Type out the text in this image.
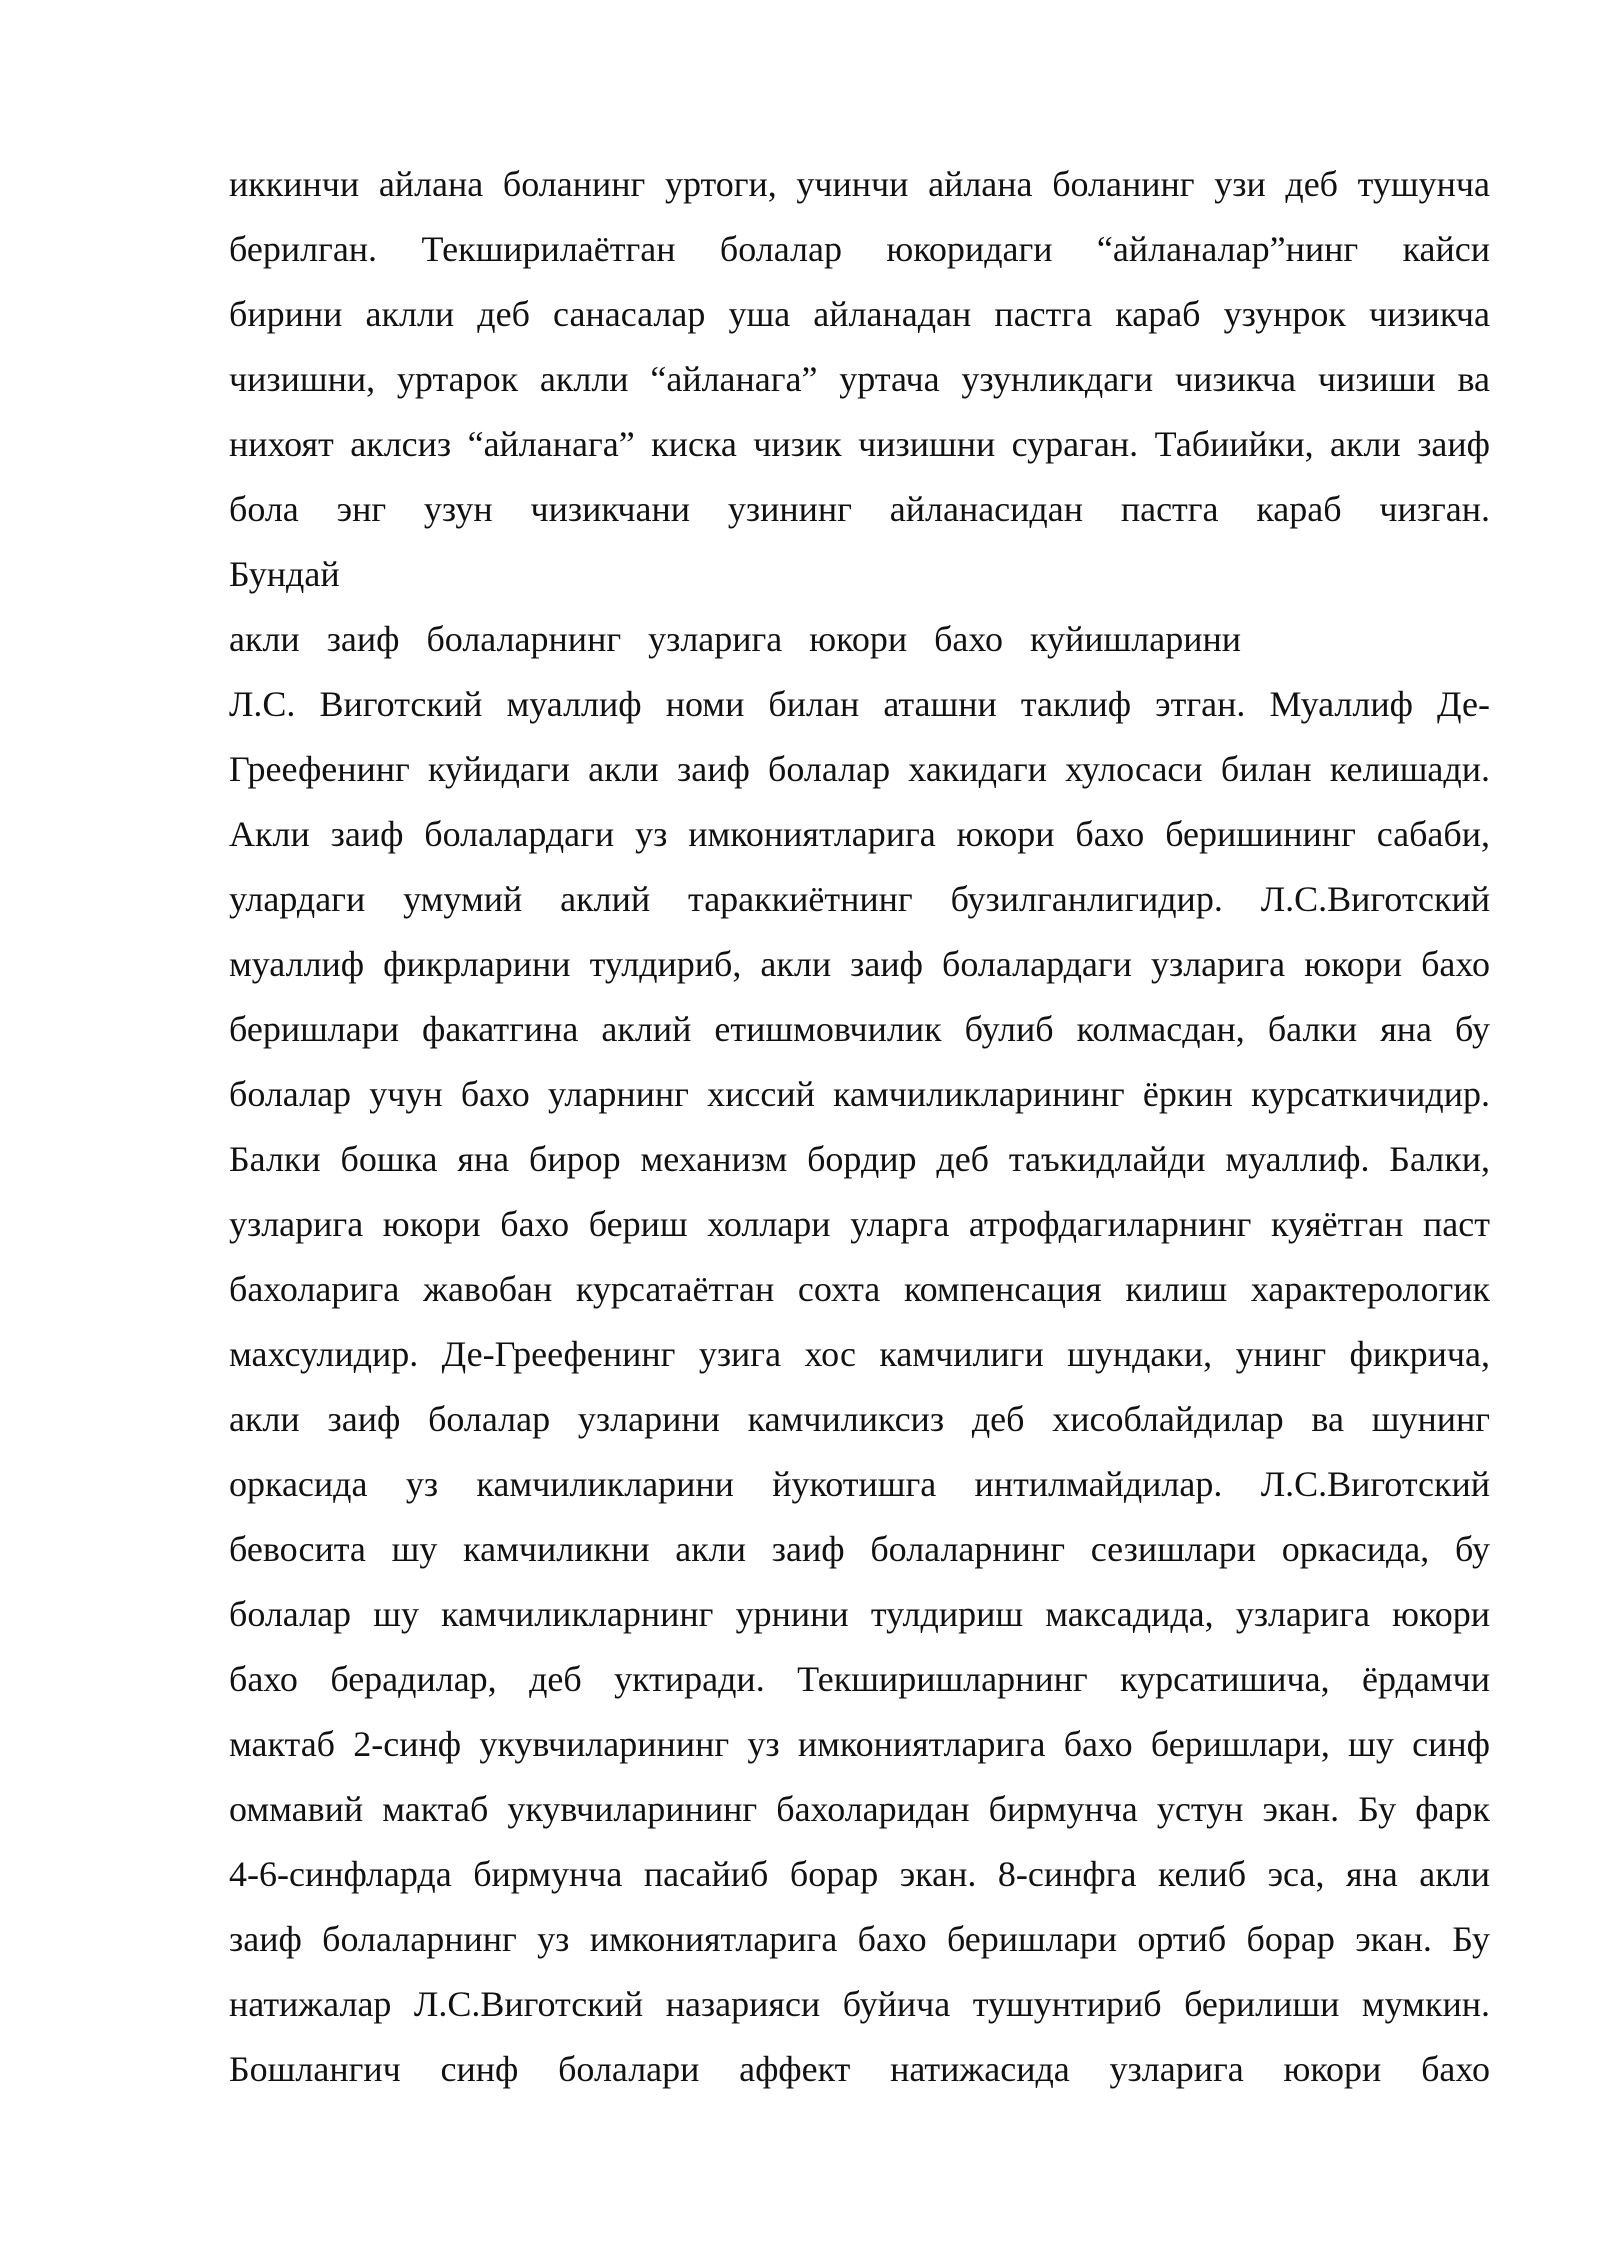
иккинчи айлана боланинг уртоги, учинчи айлана боланинг узи деб тушунча
берилган. Текширилаётган болалар юкоридаги “айланалар”нинг кайси
бирини аклли деб санасалар уша айланадан пастга караб узунрок чизикча
чизишни, уртарок аклли “айланага” уртача узунликдаги чизикча чизиши ва
нихоят аклсиз “айланага” киска чизик чизишни сураган. Табиийки, акли заиф
бола энг узун чизикчани узининг айланасидан пастга караб чизган.
Бундай
акли заиф болаларнинг узларига юкори бахо куйишларини
Л.С. Виготский муаллиф номи билан аташни таклиф этган. Муаллиф Де-
Греефенинг куйидаги акли заиф болалар хакидаги хулосаси билан келишади.
Акли заиф болалардаги уз имкониятларига юкори бахо беришининг сабаби,
улардаги умумий аклий тараккиётнинг бузилганлигидир. Л.С.Виготский
муаллиф фикрларини тулдириб, акли заиф болалардаги узларига юкори бахо
беришлари факатгина аклий етишмовчилик булиб колмасдан, балки яна бу
болалар учун бахо уларнинг хиссий камчиликларининг ёркин курсаткичидир.
Балки бошка яна бирор механизм бордир деб таъкидлайди муаллиф. Балки,
узларига юкори бахо бериш холлари уларга атрофдагиларнинг куяётган паст
бахоларига жавобан курсатаётган сохта компенсация килиш характерологик
махсулидир. Де-Греефенинг узига хос камчилиги шундаки, унинг фикрича,
акли заиф болалар узларини камчиликсиз деб хисоблайдилар ва шунинг
оркасида уз камчиликларини йукотишга интилмайдилар. Л.С.Виготский
бевосита шу камчиликни акли заиф болаларнинг сезишлари оркасида, бу
болалар шу камчиликларнинг урнини тулдириш максадида, узларига юкори
бахо берадилар, деб уктиради. Текширишларнинг курсатишича, ёрдамчи
мактаб 2-синф укувчиларининг уз имкониятларига бахо беришлари, шу синф
оммавий мактаб укувчиларининг бахоларидан бирмунча устун экан. Бу фарк
4-6-синфларда бирмунча пасайиб борар экан. 8-синфга келиб эса, яна акли
заиф болаларнинг уз имкониятларига бахо беришлари ортиб борар экан. Бу
натижалар Л.С.Виготский назарияси буйича тушунтириб берилиши мумкин.
Бошлангич синф болалари аффект натижасида узларига юкори бахо
